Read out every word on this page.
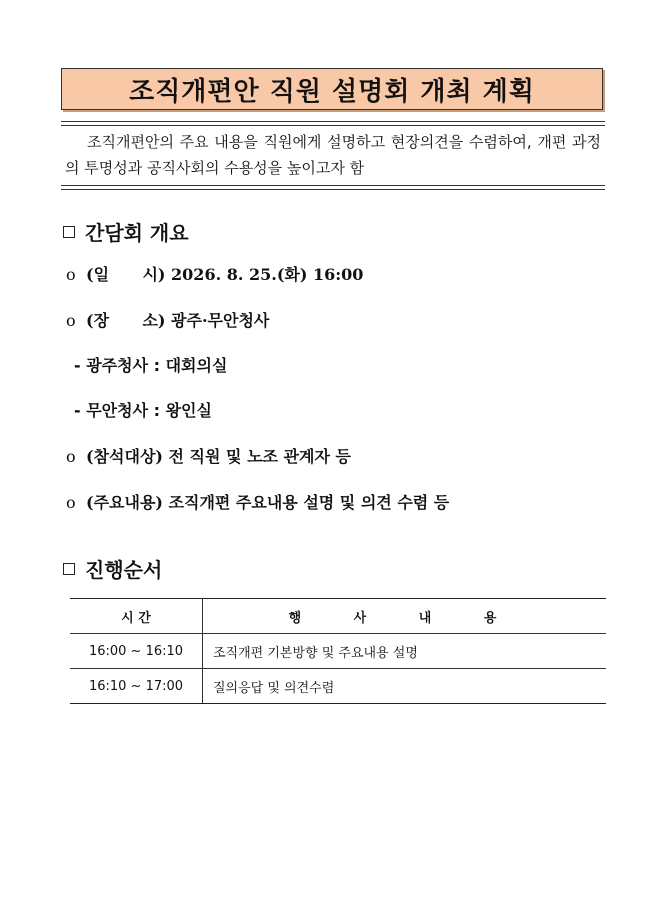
조직개편안 직원 설명회 개최 계획
조직개편안의 주요 내용을 직원에게 설명하고 현장의견을 수렴하여, 개편 과정의 투명성과 공직사회의 수용성을 높이고자 함
간담회 개요
o (일      시) 2026. 8. 25.(화) 16:00
o (장      소) 광주·무안청사
- 광주청사 : 대회의실
- 무안청사 : 왕인실
o (참석대상) 전 직원 및 노조 관계자 등
o (주요내용) 조직개편 주요내용 설명 및 의견 수렴 등
진행순서
시 간	행 사 내 용
16:00 ~ 16:10	조직개편 기본방향 및 주요내용 설명
16:10 ~ 17:00	질의응답 및 의견수렴
